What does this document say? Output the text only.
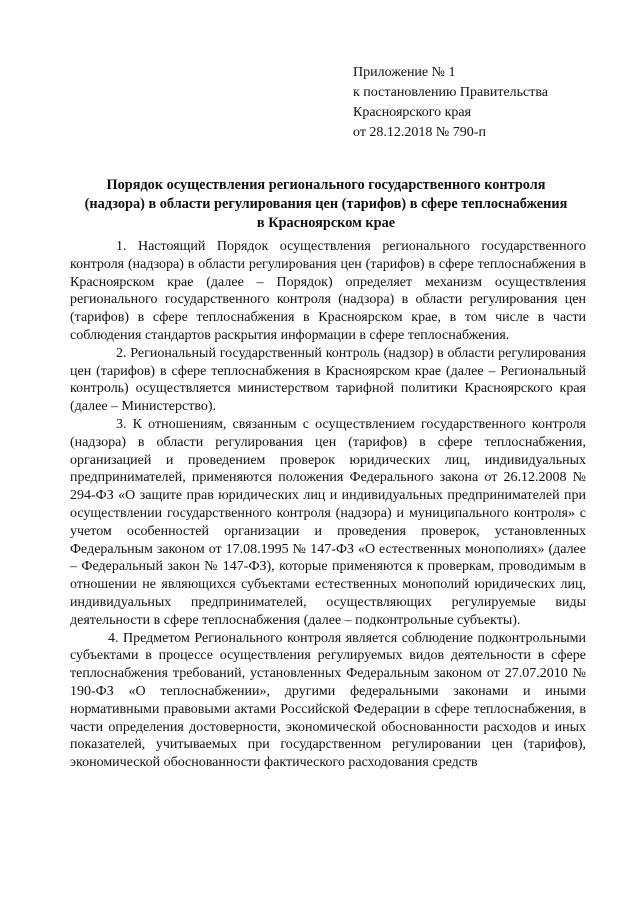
Приложение № 1
к постановлению Правительства
Красноярского края
от 28.12.2018 № 790-п
Порядок осуществления регионального государственного контроля
(надзора) в области регулирования цен (тарифов) в сфере теплоснабжения
в Красноярском крае

1. Настоящий Порядок осуществления регионального государственного контроля (надзора) в области регулирования цен (тарифов) в сфере теплоснабжения в Красноярском крае (далее – Порядок) определяет механизм осуществления регионального государственного контроля (надзора) в области регулирования цен (тарифов) в сфере теплоснабжения в Красноярском крае, в том числе в части соблюдения стандартов раскрытия информации в сфере теплоснабжения.

2. Региональный государственный контроль (надзор) в области регулирования цен (тарифов) в сфере теплоснабжения в Красноярском крае (далее – Региональный контроль) осуществляется министерством тарифной политики Красноярского края (далее – Министерство).

3. К отношениям, связанным с осуществлением государственного контроля (надзора) в области регулирования цен (тарифов) в сфере теплоснабжения, организацией и проведением проверок юридических лиц, индивидуальных предпринимателей, применяются положения Федерального закона от 26.12.2008 № 294-ФЗ «О защите прав юридических лиц и индивидуальных предпринимателей при осуществлении государственного контроля (надзора) и муниципального контроля» с учетом особенностей организации и проведения проверок, установленных Федеральным законом от 17.08.1995 № 147-ФЗ «О естественных монополиях» (далее – Федеральный закон № 147-ФЗ), которые применяются к проверкам, проводимым в отношении не являющихся субъектами естественных монополий юридических лиц, индивидуальных предпринимателей, осуществляющих регулируемые виды деятельности в сфере теплоснабжения (далее – подконтрольные субъекты).

4. Предметом Регионального контроля является соблюдение подконтрольными субъектами в процессе осуществления регулируемых видов деятельности в сфере теплоснабжения требований, установленных Федеральным законом от 27.07.2010 № 190-ФЗ «О теплоснабжении», другими федеральными законами и иными нормативными правовыми актами Российской Федерации в сфере теплоснабжения, в части определения достоверности, экономической обоснованности расходов и иных показателей, учитываемых при государственном регулировании цен (тарифов), экономической обоснованности фактического расходования средств
